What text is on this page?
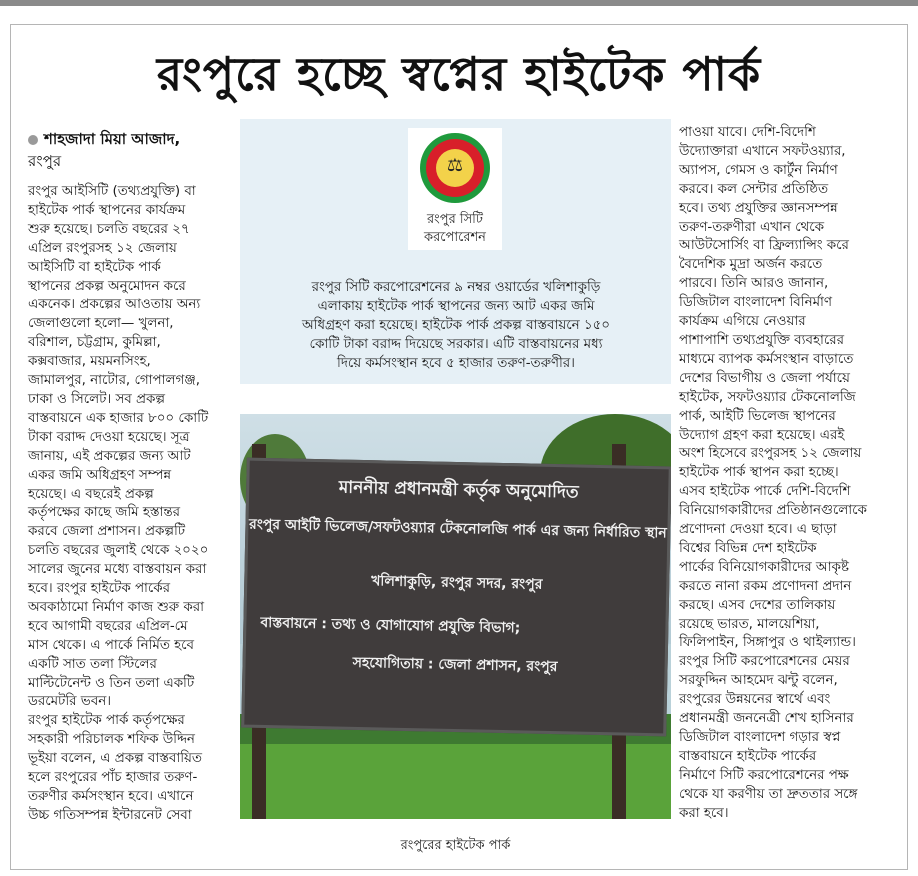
রংপুরে হচ্ছে স্বপ্নের হাইটেক পার্ক
শাহজাদা মিয়া আজাদ,
রংপুর

রংপুর আইসিটি (তথ্যপ্রযুক্তি) বা

হাইটেক পার্ক স্থাপনের কার্যক্রম

শুরু হয়েছে। চলতি বছরের ২৭

এপ্রিল রংপুরসহ ১২ জেলায়

আইসিটি বা হাইটেক পার্ক

স্থাপনের প্রকল্প অনুমোদন করে

একনেক। প্রকল্পের আওতায় অন্য

জেলাগুলো হলো— খুলনা,

বরিশাল, চট্টগ্রাম, কুমিল্লা,

কক্সবাজার, ময়মনসিংহ,

জামালপুর, নাটোর, গোপালগঞ্জ,

ঢাকা ও সিলেট। সব প্রকল্প

বাস্তবায়নে এক হাজার ৮০০ কোটি

টাকা বরাদ্দ দেওয়া হয়েছে। সূত্র

জানায়, এই প্রকল্পের জন্য আট

একর জমি অধিগ্রহণ সম্পন্ন

হয়েছে। এ বছরেই প্রকল্প

কর্তৃপক্ষের কাছে জমি হস্তান্তর

করবে জেলা প্রশাসন। প্রকল্পটি

চলতি বছরের জুলাই থেকে ২০২০

সালের জুনের মধ্যে বাস্তবায়ন করা

হবে। রংপুর হাইটেক পার্কের

অবকাঠামো নির্মাণ কাজ শুরু করা

হবে আগামী বছরের এপ্রিল-মে

মাস থেকে। এ পার্কে নির্মিত হবে

একটি সাত তলা স্টিলের

মাল্টিটেনেন্ট ও তিন তলা একটি

ডরমেটরি ভবন।

রংপুর হাইটেক পার্ক কর্তৃপক্ষের

সহকারী পরিচালক শফিক উদ্দিন

ভূইয়া বলেন, এ প্রকল্প বাস্তবায়িত

হলে রংপুরের পাঁচ হাজার তরুণ-

তরুণীর কর্মসংস্থান হবে। এখানে

উচ্চ গতিসম্পন্ন ইন্টারনেট সেবা

⚖
রংপুর সিটি করপোরেশন
রংপুর সিটি করপোরেশনের ৯ নম্বর ওয়ার্ডের খলিশাকুড়ি
এলাকায় হাইটেক পার্ক স্থাপনের জন্য আট একর জমি
অধিগ্রহণ করা হয়েছে। হাইটেক পার্ক প্রকল্প বাস্তবায়নে ১৫০
কোটি টাকা বরাদ্দ দিয়েছে সরকার। এটি বাস্তবায়নের মধ্য
দিয়ে কর্মসংস্থান হবে ৫ হাজার তরুণ-তরুণীর।
মাননীয় প্রধানমন্ত্রী কর্তৃক অনুমোদিত
রংপুর আইটি ভিলেজ/সফটওয়্যার টেকনোলজি পার্ক এর জন্য নির্ধারিত স্থান
খলিশাকুড়ি, রংপুর সদর, রংপুর
বাস্তবায়নে : তথ্য ও যোগাযোগ প্রযুক্তি বিভাগ;
সহযোগিতায় : জেলা প্রশাসন, রংপুর
রংপুরের হাইটেক পার্ক

পাওয়া যাবে। দেশি-বিদেশি

উদ্যোক্তারা এখানে সফটওয়্যার,

অ্যাপস, গেমস ও কার্টুন নির্মাণ

করবে। কল সেন্টার প্রতিষ্ঠিত

হবে। তথ্য প্রযুক্তির জ্ঞানসম্পন্ন

তরুণ-তরুণীরা এখান থেকে

আউটসোর্সিং বা ফ্রিল্যান্সিং করে

বৈদেশিক মুদ্রা অর্জন করতে

পারবে। তিনি আরও জানান,

ডিজিটাল বাংলাদেশ বিনির্মাণ

কার্যক্রম এগিয়ে নেওয়ার

পাশাপাশি তথ্যপ্রযুক্তি ব্যবহারের

মাধ্যমে ব্যাপক কর্মসংস্থান বাড়াতে

দেশের বিভাগীয় ও জেলা পর্যায়ে

হাইটেক, সফটওয়্যার টেকনোলজি

পার্ক, আইটি ভিলেজ স্থাপনের

উদ্যোগ গ্রহণ করা হয়েছে। এরই

অংশ হিসেবে রংপুরসহ ১২ জেলায়

হাইটেক পার্ক স্থাপন করা হচ্ছে।

এসব হাইটেক পার্কে দেশি-বিদেশি

বিনিয়োগকারীদের প্রতিষ্ঠানগুলোকে

প্রণোদনা দেওয়া হবে। এ ছাড়া

বিশ্বের বিভিন্ন দেশ হাইটেক

পার্কের বিনিয়োগকারীদের আকৃষ্ট

করতে নানা রকম প্রণোদনা প্রদান

করছে। এসব দেশের তালিকায়

রয়েছে ভারত, মালয়েশিয়া,

ফিলিপাইন, সিঙ্গাপুর ও থাইল্যান্ড।

রংপুর সিটি করপোরেশনের মেয়র

সরফুদ্দিন আহমেদ ঝন্টু বলেন,

রংপুরের উন্নয়নের স্বার্থে এবং

প্রধানমন্ত্রী জননেত্রী শেখ হাসিনার

ডিজিটাল বাংলাদেশ গড়ার স্বপ্ন

বাস্তবায়নে হাইটেক পার্কের

নির্মাণে সিটি করপোরেশনের পক্ষ

থেকে যা করণীয় তা দ্রুততার সঙ্গে

করা হবে।
